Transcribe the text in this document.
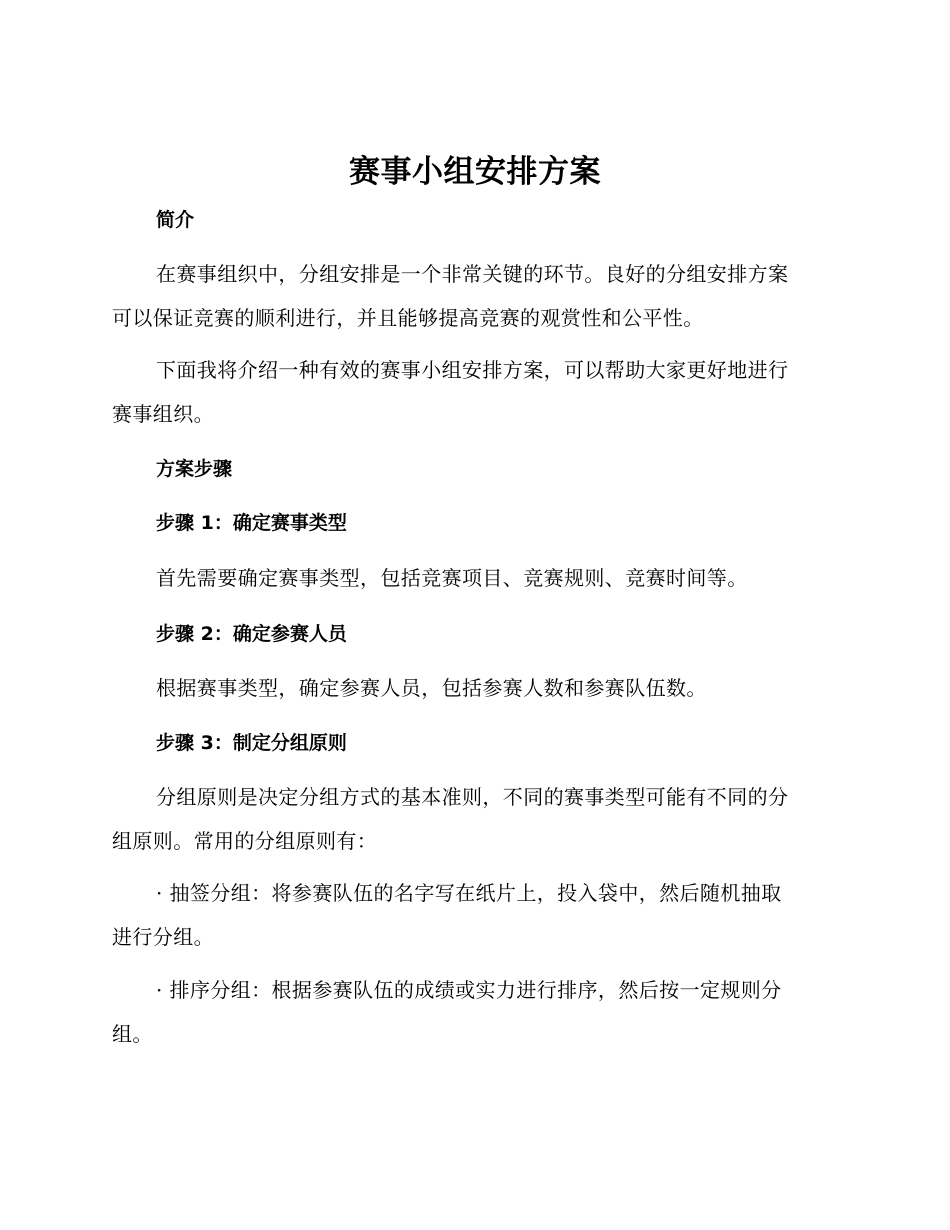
赛事小组安排方案
简介
在赛事组织中，分组安排是一个非常关键的环节。良好的分组安排方案
可以保证竞赛的顺利进行，并且能够提高竞赛的观赏性和公平性。
下面我将介绍一种有效的赛事小组安排方案，可以帮助大家更好地进行
赛事组织。
方案步骤
步骤 1：确定赛事类型
首先需要确定赛事类型，包括竞赛项目、竞赛规则、竞赛时间等。
步骤 2：确定参赛人员
根据赛事类型，确定参赛人员，包括参赛人数和参赛队伍数。
步骤 3：制定分组原则
分组原则是决定分组方式的基本准则，不同的赛事类型可能有不同的分
组原则。常用的分组原则有：
· 抽签分组：将参赛队伍的名字写在纸片上，投入袋中，然后随机抽取
进行分组。
· 排序分组：根据参赛队伍的成绩或实力进行排序，然后按一定规则分
组。
